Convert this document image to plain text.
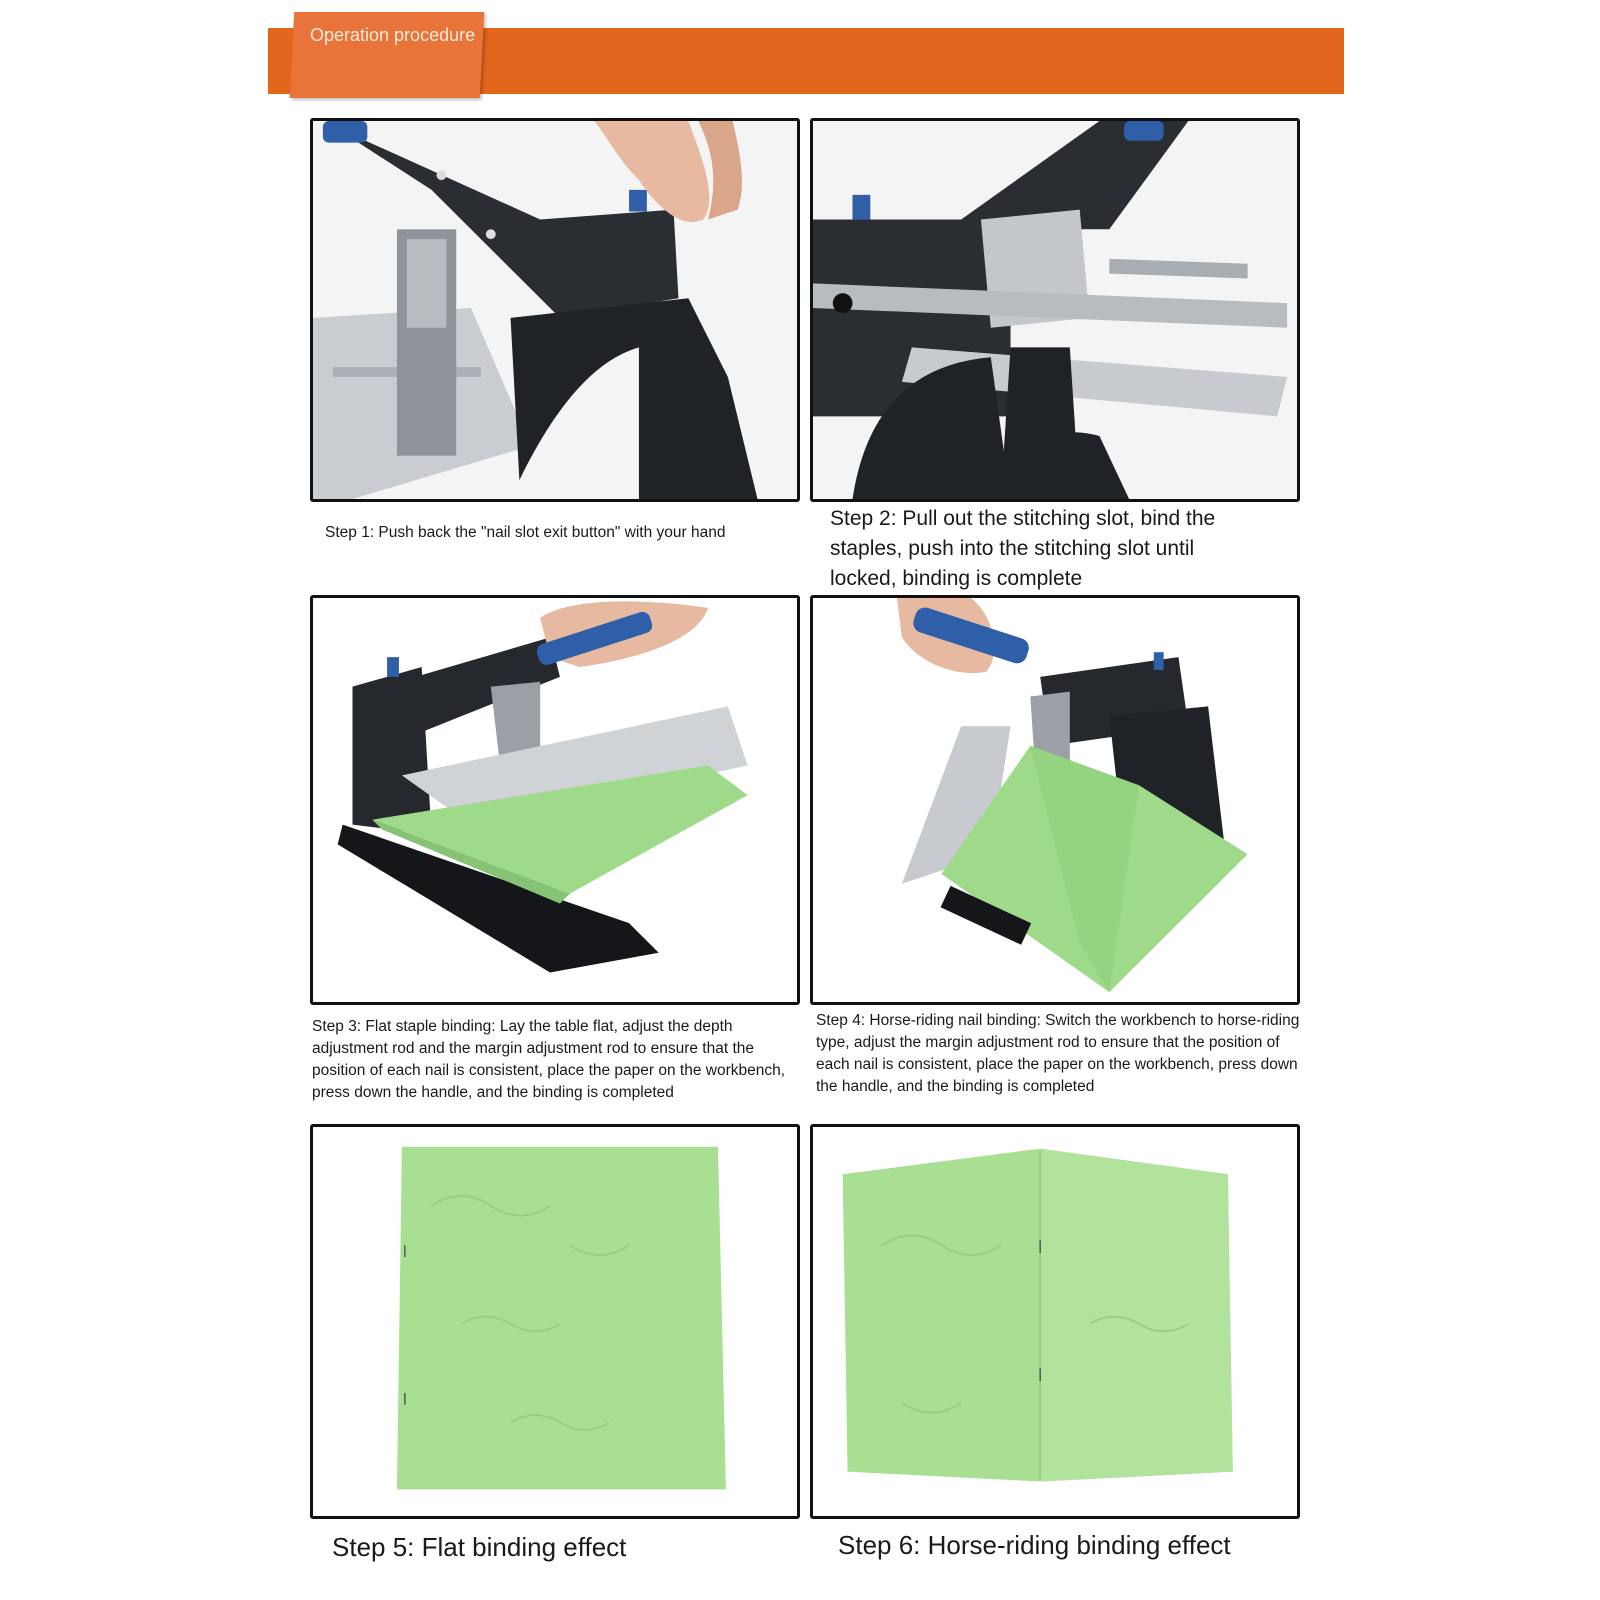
Operation procedure
Step 1: Push back the "nail slot exit button" with your hand
Step 2: Pull out the stitching slot, bind the staples, push into the stitching slot until locked, binding is complete
Step 3: Flat staple binding: Lay the table flat, adjust the depth adjustment rod and the margin adjustment rod to ensure that the position of each nail is consistent, place the paper on the workbench, press down the handle, and the binding is completed
Step 4: Horse-riding nail binding: Switch the workbench to horse-riding type, adjust the margin adjustment rod to ensure that the position of each nail is consistent, place the paper on the workbench, press down the handle, and the binding is completed
Step 5: Flat binding effect	Step 6: Horse-riding binding effect
